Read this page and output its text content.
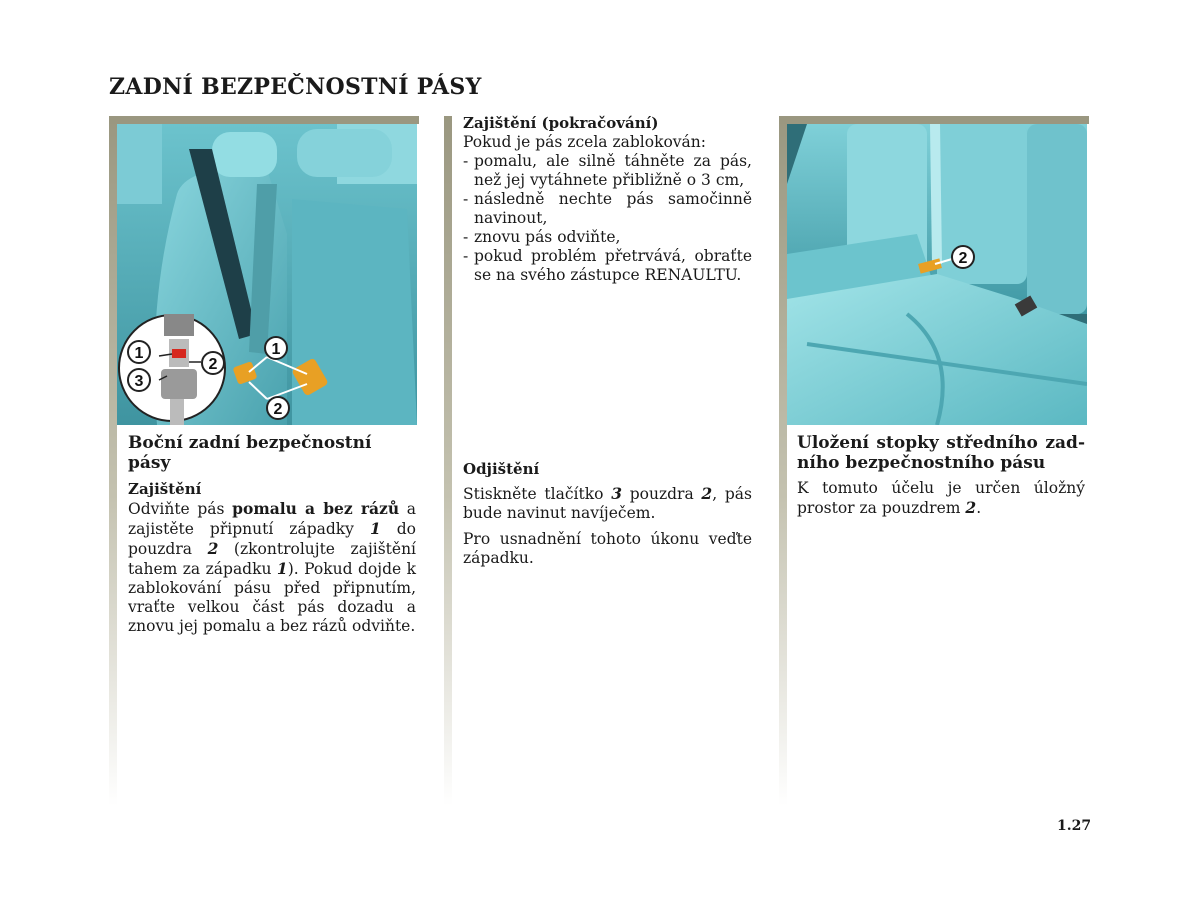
ZADNÍ BEZPEČNOSTNÍ PÁSY
1
2
3
1
2

Boční zadní bezpečnostní pásy

Zajištění

Odviňte pás pomalu a bez rázů a zajistěte připnutí západky 1 do pouzdra 2 (zkontrolujte zajištění tahem za západku 1). Pokud dojde k zablokování pásu před připnutím, vraťte velkou část pás dozadu a znovu jej pomalu a bez rázů odviňte.

Zajištění (pokračování)

Pokud je pás zcela zablokován:

- pomalu, ale silně táhněte za pás, než jej vytáhnete přibližně o 3 cm,
- následně nechte pás samočinně navinout,
- znovu pás odviňte,
- pokud problém přetrvává, obraťte se na svého zástupce RENAULTU.

Odjištění

Stiskněte tlačítko 3 pouzdra 2, pás bude navinut navíječem.

Pro usnadnění tohoto úkonu veďte západku.

2

Uložení stopky středního zad- ního bezpečnostního pásu

K tomuto účelu je určen úložný prostor za pouzdrem 2.

1.27
